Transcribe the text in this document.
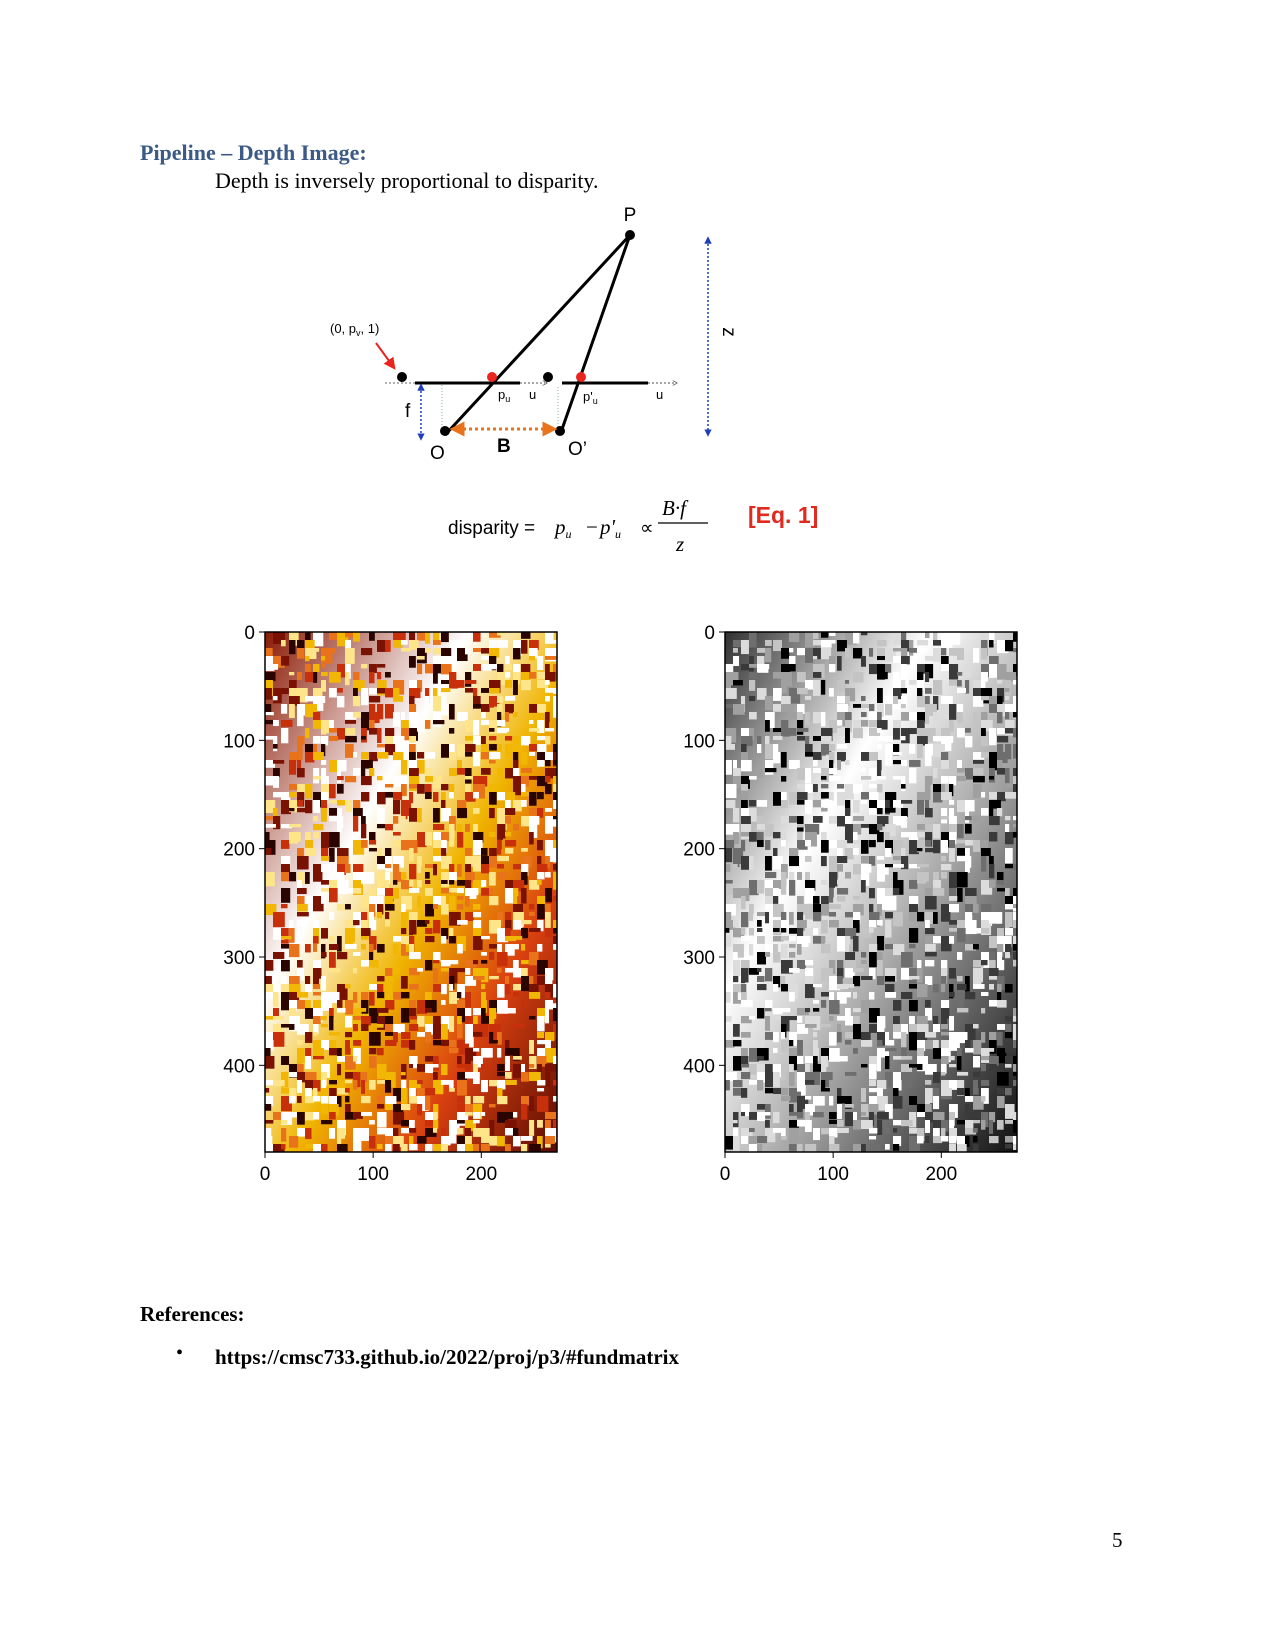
Pipeline – Depth Image:
Depth is inversely proportional to disparity.
P
(0, $p_v$, 1)
$p_u$ u	$p'_u$	u
f
B
O	O’
z
disparity = pu − p'u ∝
B·f
z
[Eq. 1]
0
100
200
300
400
0	100	200
0
100
200
300
400
0	100	200
References:
• https://cmsc733.github.io/2022/proj/p3/#fundmatrix
5
